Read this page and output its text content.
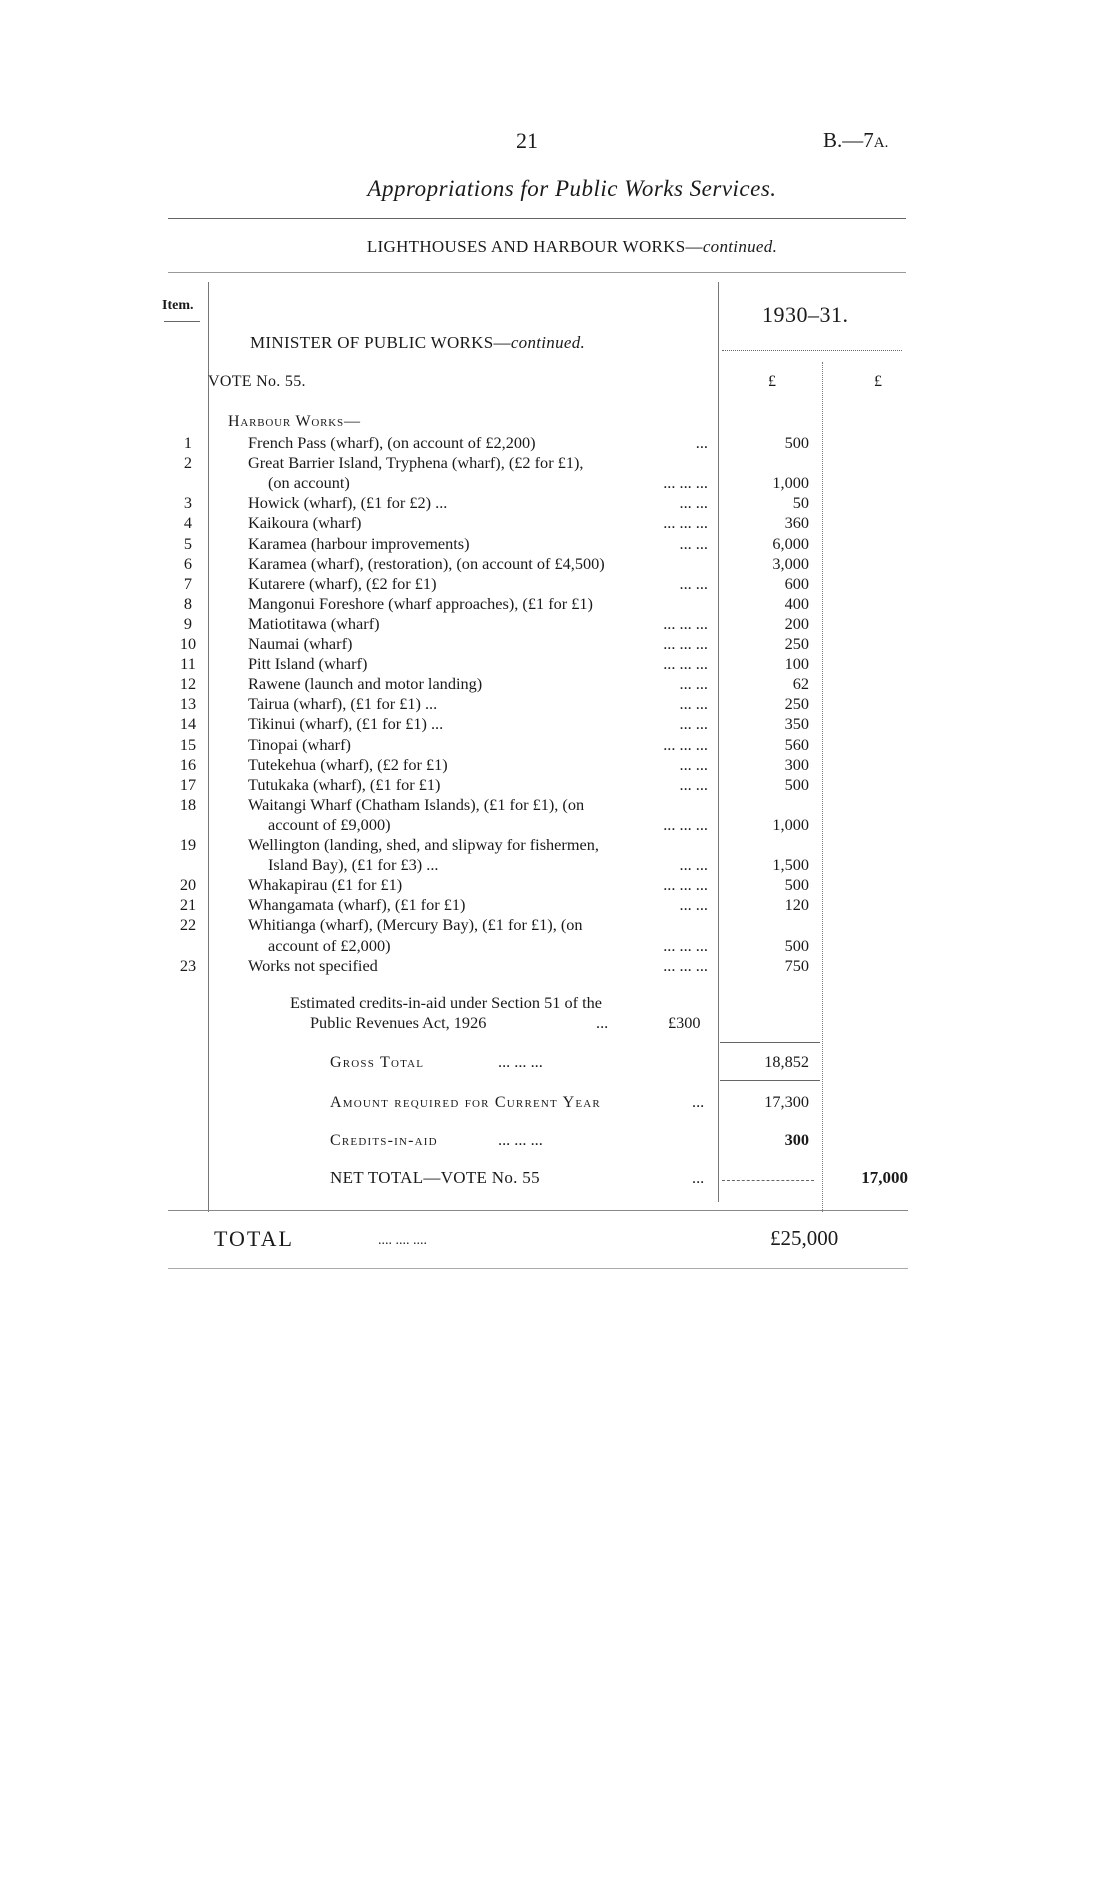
21	B.—7A.
Appropriations for Public Works Services.
LIGHTHOUSES AND HARBOUR WORKS—continued.
Item.	1930–31.
MINISTER OF PUBLIC WORKS—continued.
VOTE No. 55.	£	£
Harbour Works—
1	French Pass (wharf), (on account of £2,200)	...	500
2	Great Barrier Island, Tryphena (wharf), (£2 for £1),
(on account)	... ... ...	1,000
3	Howick (wharf), (£1 for £2) ...	... ...	50
4	Kaikoura (wharf)	... ... ...	360
5	Karamea (harbour improvements)	... ...	6,000
6	Karamea (wharf), (restoration), (on account of £4,500)	3,000
7	Kutarere (wharf), (£2 for £1)	... ...	600
8	Mangonui Foreshore (wharf approaches), (£1 for £1)	400
9	Matiotitawa (wharf)	... ... ...	200
10	Naumai (wharf)	... ... ...	250
11	Pitt Island (wharf)	... ... ...	100
12	Rawene (launch and motor landing)	... ...	62
13	Tairua (wharf), (£1 for £1) ...	... ...	250
14	Tikinui (wharf), (£1 for £1) ...	... ...	350
15	Tinopai (wharf)	... ... ...	560
16	Tutekehua (wharf), (£2 for £1)	... ...	300
17	Tutukaka (wharf), (£1 for £1)	... ...	500
18	Waitangi Wharf (Chatham Islands), (£1 for £1), (on
account of £9,000)	... ... ...	1,000
19	Wellington (landing, shed, and slipway for fishermen,
Island Bay), (£1 for £3) ...	... ...	1,500
20	Whakapirau (£1 for £1)	... ... ...	500
21	Whangamata (wharf), (£1 for £1)	... ...	120
22	Whitianga (wharf), (Mercury Bay), (£1 for £1), (on
account of £2,000)	... ... ...	500
23	Works not specified	... ... ...	750
Estimated credits-in-aid under Section 51 of the
Public Revenues Act, 1926	...	£300
Gross Total	... ... ...	18,852
Amount required for Current Year	...	17,300
Credits-in-aid	... ... ...	300
NET TOTAL—VOTE No. 55	...	17,000
TOTAL	.... .... ....	£25,000
